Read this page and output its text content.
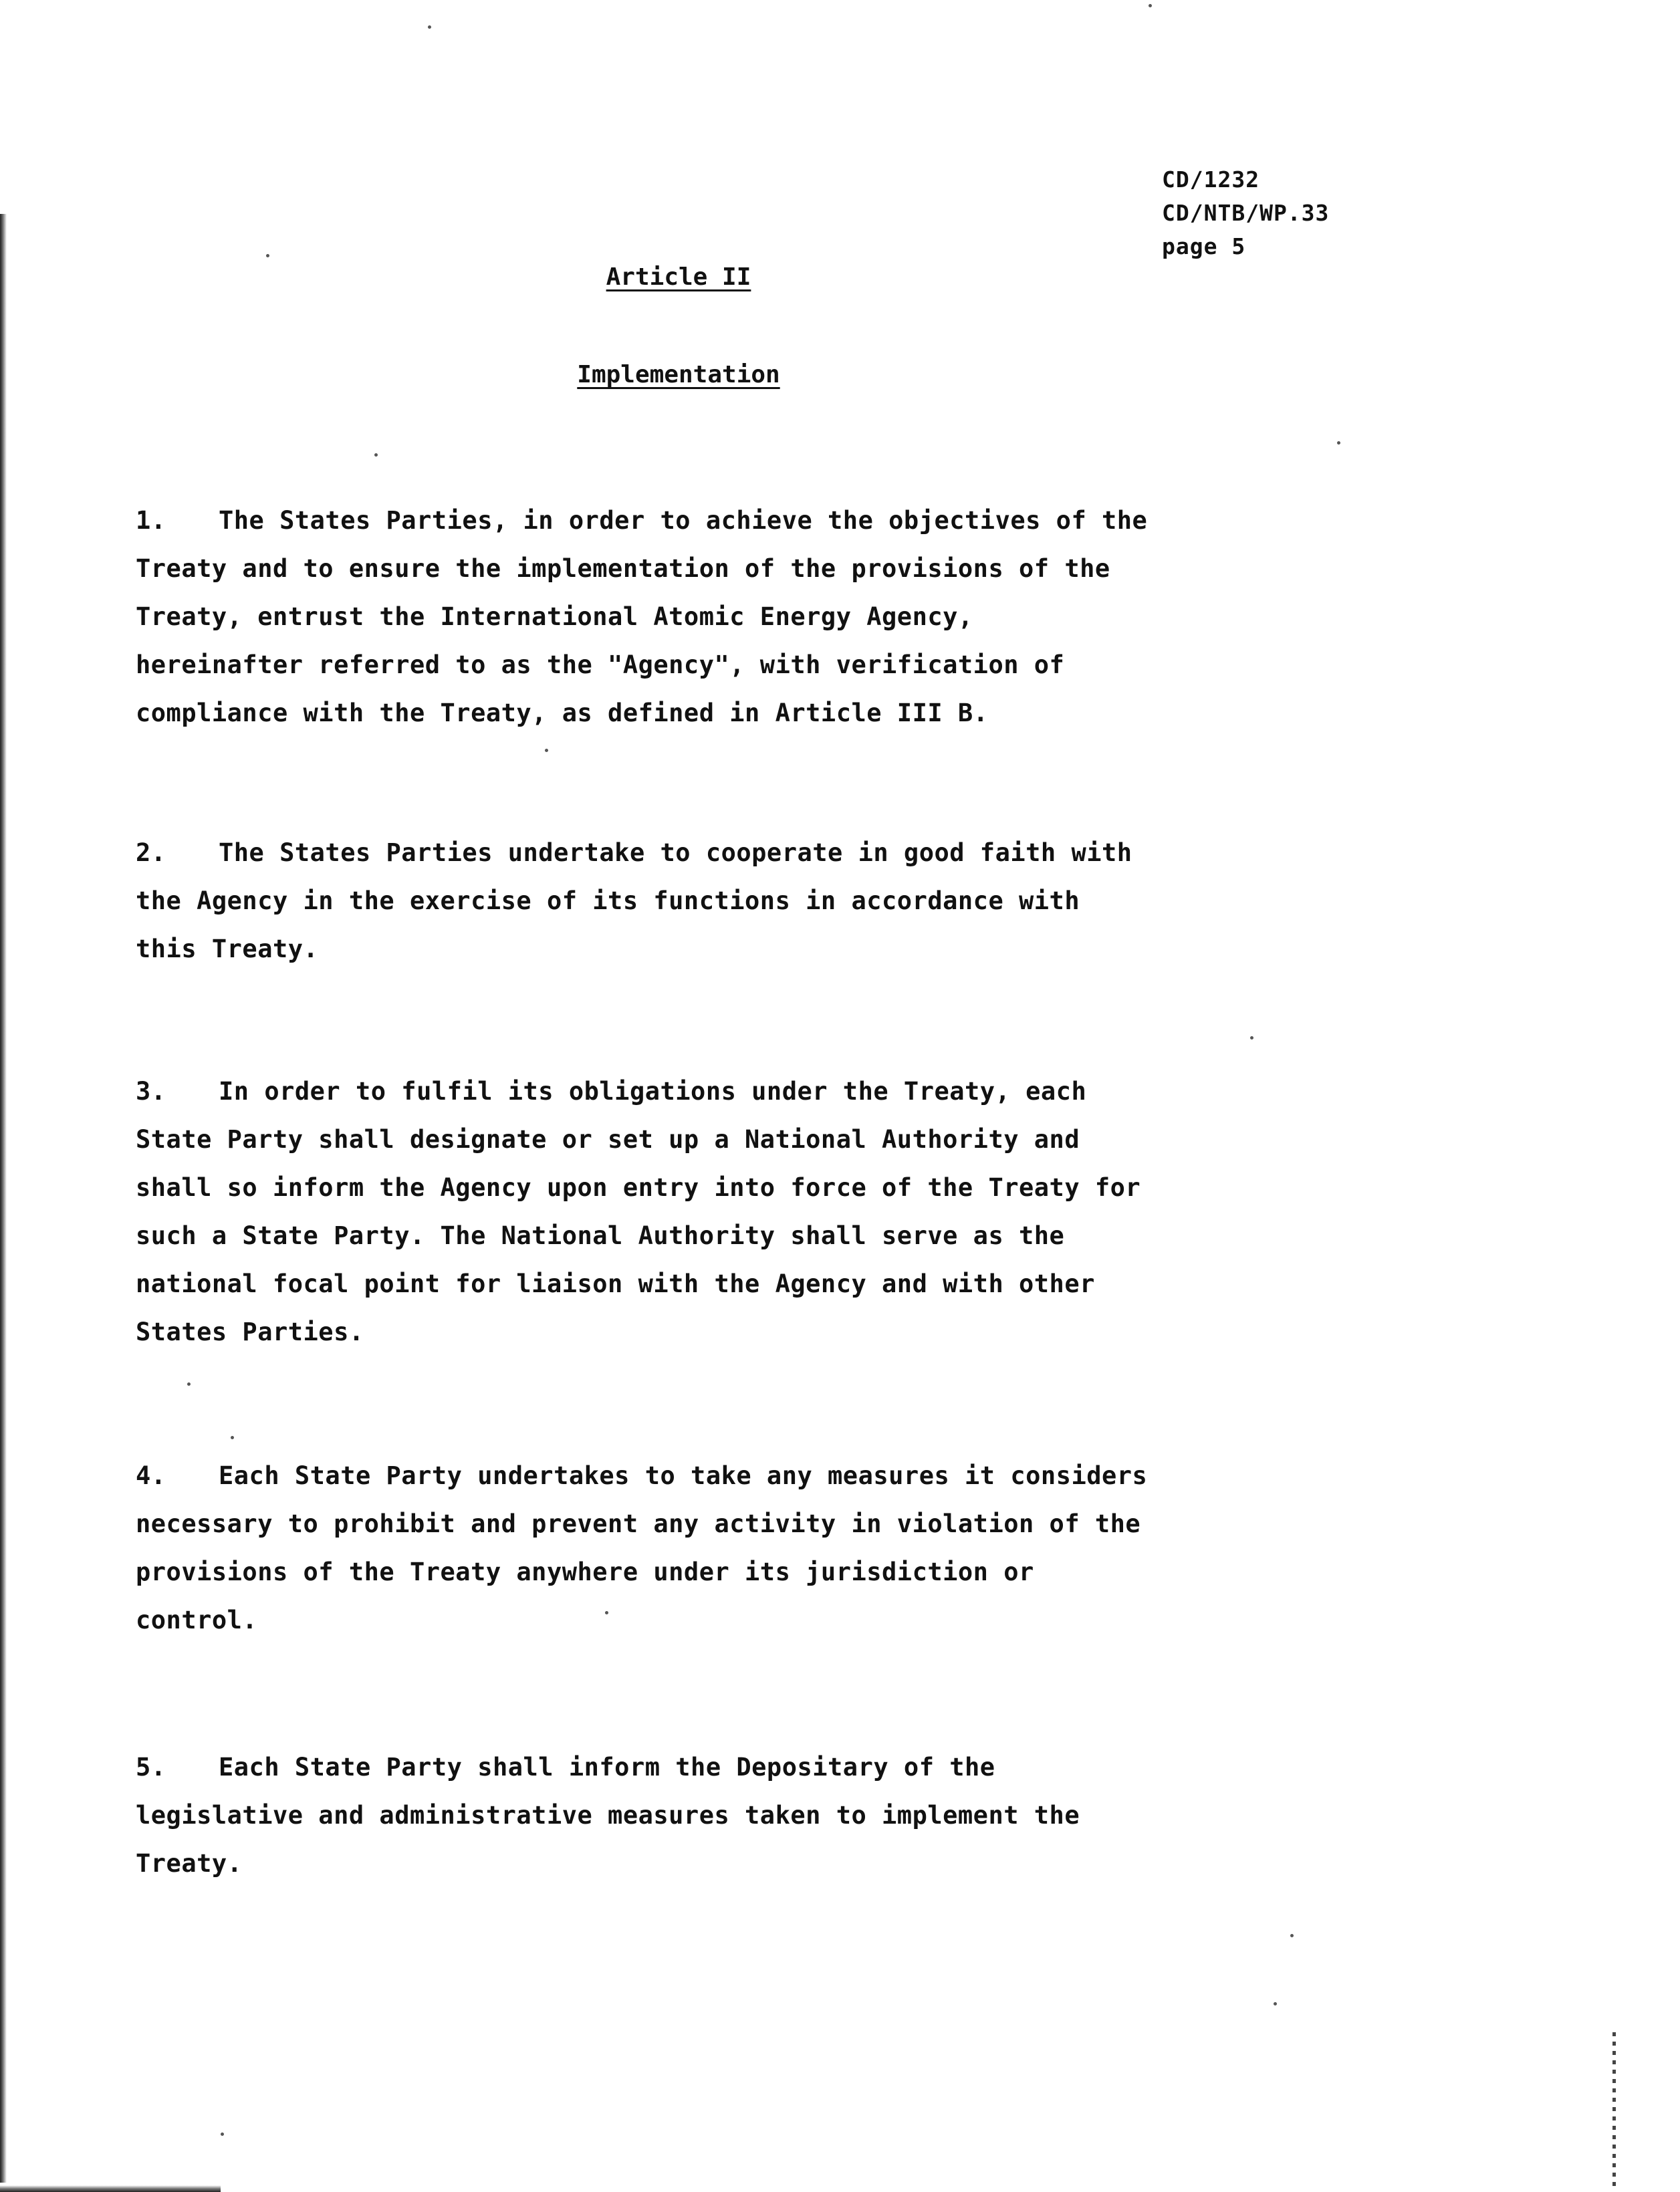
CD/1232
CD/NTB/WP.33
page 5
Article II
Implementation
1. The States Parties, in order to achieve the objectives of the
Treaty and to ensure the implementation of the provisions of the
Treaty, entrust the International Atomic Energy Agency,
hereinafter referred to as the "Agency", with verification of
compliance with the Treaty, as defined in Article III B.
2. The States Parties undertake to cooperate in good faith with
the Agency in the exercise of its functions in accordance with
this Treaty.
3. In order to fulfil its obligations under the Treaty, each
State Party shall designate or set up a National Authority and
shall so inform the Agency upon entry into force of the Treaty for
such a State Party. The National Authority shall serve as the
national focal point for liaison with the Agency and with other
States Parties.
4. Each State Party undertakes to take any measures it considers
necessary to prohibit and prevent any activity in violation of the
provisions of the Treaty anywhere under its jurisdiction or
control.
5. Each State Party shall inform the Depositary of the
legislative and administrative measures taken to implement the
Treaty.
